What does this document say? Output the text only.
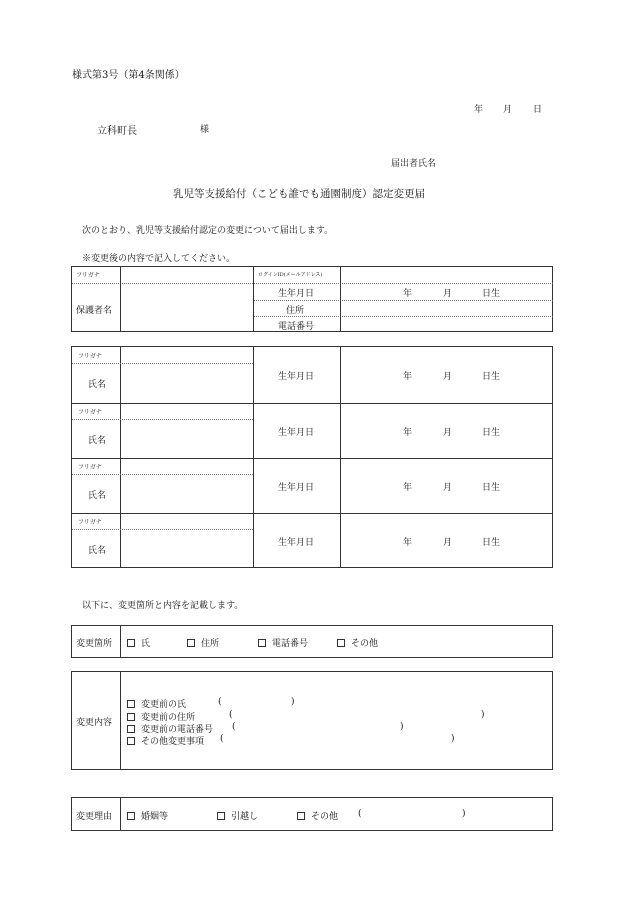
様式第3号（第4条関係）
年 月 日
立科町長	様
届出者氏名
乳児等支援給付（こども誰でも通園制度）認定変更届
次のとおり、乳児等支援給付認定の変更について届出します。
※変更後の内容で記入してください。
フリガナ	ログインID(メールアドレス)
保護者名
生年月日	年	月	日生
住所
電話番号
フリガナ
氏名
生年月日	年	月	日生
フリガナ
氏名
生年月日	年	月	日生
フリガナ
氏名
生年月日	年	月	日生
フリガナ
氏名
生年月日	年	月	日生
以下に、変更箇所と内容を記載します。
変更箇所	氏	住所	電話番号	その他
変更内容
変更前の氏	(	)
変更前の住所	(	)
変更前の電話番号 (	)
その他変更事項 (	)
変更理由	婚姻等	引越し	その他 (	)
